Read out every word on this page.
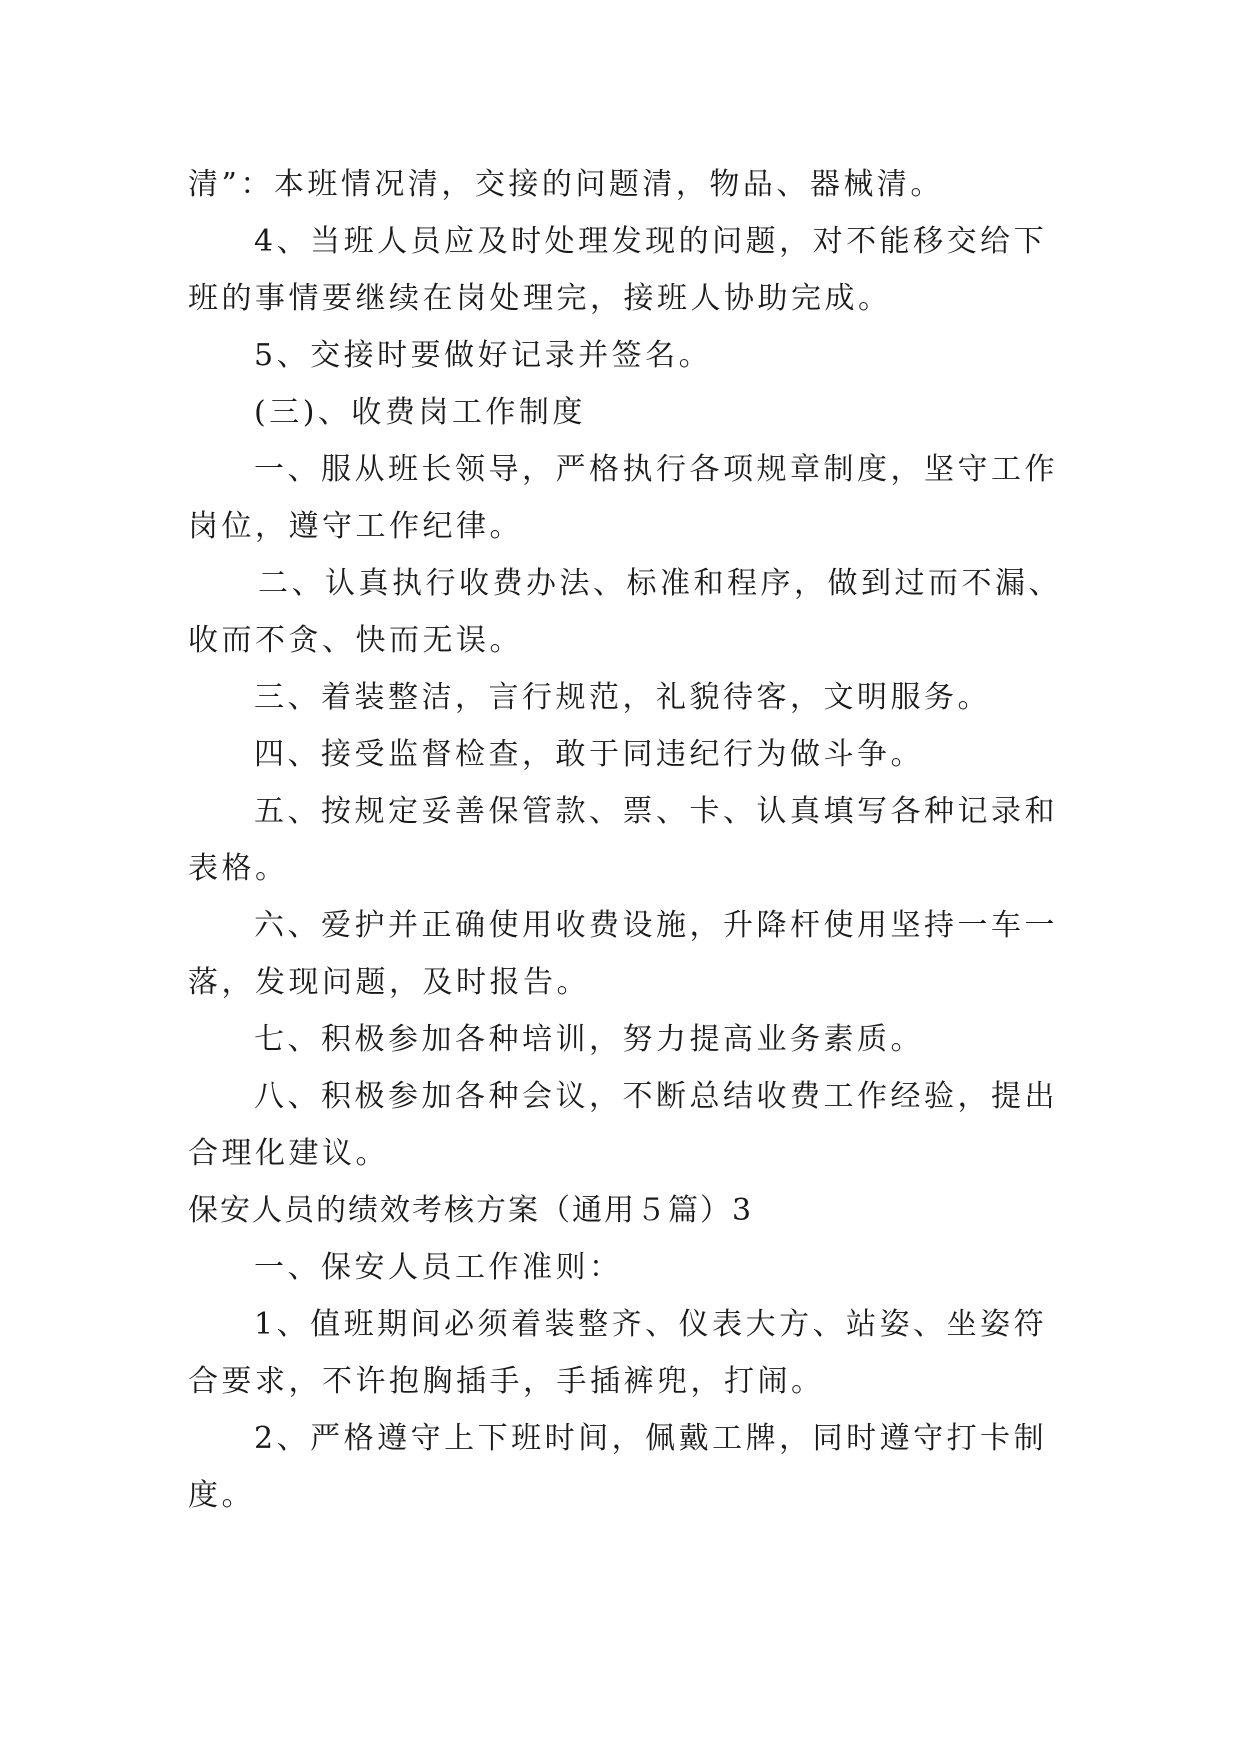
清”：本班情况清，交接的问题清，物品、器械清。
4、当班人员应及时处理发现的问题，对不能移交给下
班的事情要继续在岗处理完，接班人协助完成。
5、交接时要做好记录并签名。
(三)、收费岗工作制度
一、服从班长领导，严格执行各项规章制度，坚守工作
岗位，遵守工作纪律。
二、认真执行收费办法、标准和程序，做到过而不漏、
收而不贪、快而无误。
三、着装整洁，言行规范，礼貌待客，文明服务。
四、接受监督检查，敢于同违纪行为做斗争。
五、按规定妥善保管款、票、卡、认真填写各种记录和
表格。
六、爱护并正确使用收费设施，升降杆使用坚持一车一
落，发现问题，及时报告。
七、积极参加各种培训，努力提高业务素质。
八、积极参加各种会议，不断总结收费工作经验，提出
合理化建议。
保安人员的绩效考核方案（通用５篇）3
一、保安人员工作准则：
1、值班期间必须着装整齐、仪表大方、站姿、坐姿符
合要求，不许抱胸插手，手插裤兜，打闹。
2、严格遵守上下班时间，佩戴工牌，同时遵守打卡制
度。
